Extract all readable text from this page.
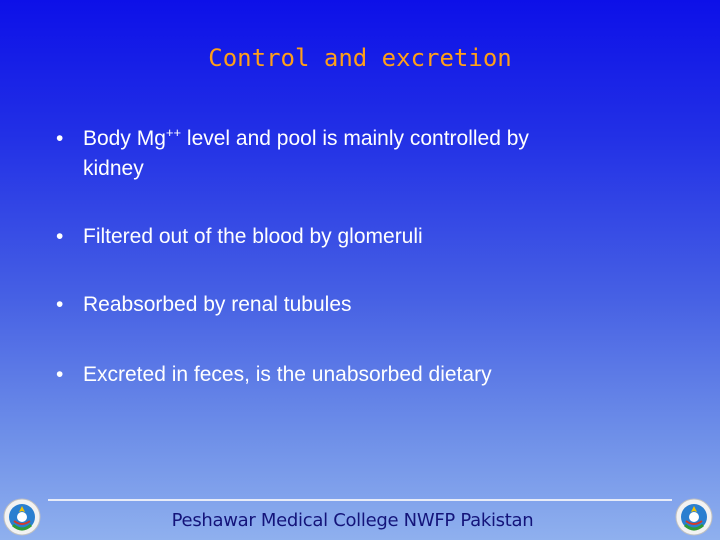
Control and excretion
• Body Mg++ level and pool is mainly controlled by
kidney
• Filtered out of the blood by glomeruli
• Reabsorbed by renal tubules
• Excreted in feces, is the unabsorbed dietary
Peshawar Medical College NWFP Pakistan
